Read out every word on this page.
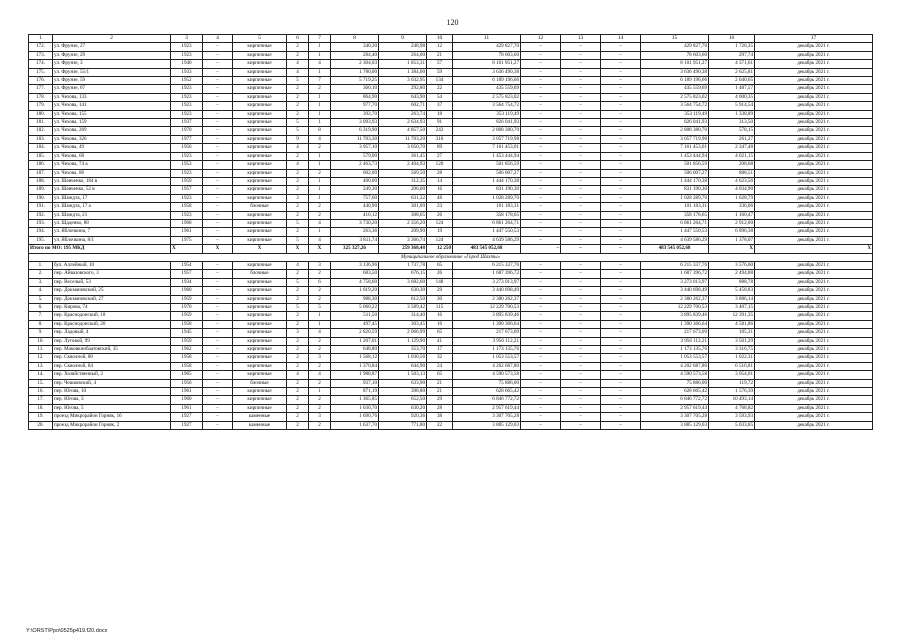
120
1	2	3	4	5	6	7	8	9	10	11	12	13	14	15	16	17
172.	ул. Фрунзе, 27	1923	–	кирпичные	2	1	340,30	248,98	12	429 827,70	–	–	–	429 827,70	1 726,35	декабрь 2021 г.
173.	ул. Фрунзе, 29	1923	–	кирпичные	2	1	284,40	264,00	21	78 603,60	–	–	–	78 603,60	297,74	декабрь 2021 г.
174.	ул. Фрунзе, 3	1940	–	кирпичные	4	4	2 304,03	1 853,31	57	8 101 951,27	–	–	–	8 101 951,27	4 371,61	декабрь 2021 г.
175.	ул. Фрунзе, 55/1	1933	–	кирпичные	4	1	1 780,00	1 384,00	59	3 636 490,38	–	–	–	3 636 490,38	2 625,81	декабрь 2021 г.
176.	ул. Фрунзе, 59	1952	–	кирпичные	5	7	5 719,25	3 032,95	134	6 189 196,66	–	–	–	6 189 196,66	2 040,65	декабрь 2021 г.
177.	ул. Фрунзе, 67	1923	–	кирпичные	2	2	360,10	292,80	22	435 559,69	–	–	–	435 559,69	1 487,57	декабрь 2021 г.
178.	ул. Чехова, 133	1923	–	кирпичные	2	1	864,90	643,90	54	2 575 823,02	–	–	–	2 575 823,02	4 000,35	декабрь 2021 г.
179.	ул. Чехова, 141	1923	–	кирпичные	2	1	977,70	602,71	37	3 564 754,72	–	–	–	3 564 754,72	5 914,54	декабрь 2021 г.
180.	ул. Чехова, 155	1923	–	кирпичные	2	1	392,70	263,74	18	353 119,49	–	–	–	353 119,49	1 338,89	декабрь 2021 г.
181.	ул. Чехова, 159	1937	–	кирпичные	5	1	3 093,93	2 634,93	91	826 041,93	–	–	–	826 041,93	313,50	декабрь 2021 г.
182.	ул. Чехова, 269	1970	–	кирпичные	5	8	6 319,90	4 857,50	243	2 808 380,70	–	–	–	2 808 380,70	578,15	декабрь 2021 г.
183.	ул. Чехова, 326	1977	–	кирпичные	9	4	11 703,30	11 703,20	316	3 057 719,98	–	–	–	3 057 719,98	261,27	декабрь 2021 г.
184.	ул. Чехова, 49	1956	–	кирпичные	4	2	3 957,10	3 050,70	89	7 161 453,01	–	–	–	7 161 453,01	2 347,48	декабрь 2021 г.
185.	ул. Чехова, 68	1923	–	кирпичные	2	1	579,00	361,45	27	1 453 444,94	–	–	–	1 453 444,94	4 021,15	декабрь 2021 г.
186.	ул. Чехова, 74 а	1953	–	кирпичные	4	1	2 463,73	2 404,93	120	501 856,59	–	–	–	501 856,59	208,68	декабрь 2021 г.
187.	ул. Чехова, 86	1923	–	кирпичные	2	2	602,00	569,50	28	506 007,27	–	–	–	506 007,27	888,51	декабрь 2021 г.
188.	ул. Шевченко, 184 в	1959	–	кирпичные	2	1	400,00	312,35	14	1 444 170,38	–	–	–	1 444 170,38	4 623,56	декабрь 2021 г.
189.	ул. Шевченко, 52 в	1957	–	кирпичные	2	1	249,30	206,00	16	831 190,30	–	–	–	831 190,30	4 034,90	декабрь 2021 г.
190.	ул. Шмидта, 17	1923	–	кирпичные	3	1	757,60	631,32	48	1 028 289,70	–	–	–	1 028 289,70	1 628,79	декабрь 2021 г.
191.	ул. Шмидта, 17 а	1958	–	блочные	2	2	440,90	301,09	23	101 183,31	–	–	–	101 183,31	336,06	декабрь 2021 г.
192.	ул. Шмидта, 21	1923	–	кирпичные	2	2	410,12	308,65	26	358 178,65	–	–	–	358 178,65	1 160,47	декабрь 2021 г.
193.	ул. Щаденко, 88	1968	–	кирпичные	5	4	3 730,20	2 356,20	124	6 861 264,71	–	–	–	6 861 264,71	2 912,00	декабрь 2021 г.
194.	ул. Яблочкина, 7	1961	–	кирпичные	2	1	263,36	209,90	19	1 447 550,53	–	–	–	1 447 550,53	6 896,38	декабрь 2021 г.
195.	ул. Яблочкина, 8/1	1975	–	кирпичные	5	4	3 811,74	3 366,74	124	4 639 586,29	–	–	–	4 639 586,29	1 378,07	декабрь 2021 г.
Итого по МО: 195 МКД		X	X	X	X	X	325 327,26	259 368,48	12 250	483 545 052,68	–	–	–	483 545 052,68	X	X
Муниципальное образование «Город Шахты»																
1.	бул. Аллейный, 10	1954	–	кирпичные	4	3	3 136,96	1 737,78	65	6 215 337,76	–	–	–	6 215 337,76	3 576,60	декабрь 2021 г.
2.	пер. Айвазовского, 3	1957	–	блочные	2	2	683,50	676,15	26	1 687 396,72	–	–	–	1 687 396,72	2 494,88	декабрь 2021 г.
3.	пер. Веселый, 53	1934	–	кирпичные	5	6	4 758,60	3 682,60	148	3 273 013,97	–	–	–	3 273 013,97	888,78	декабрь 2021 г.
4.	пер. Докмановский, 25	1960	–	кирпичные	2	2	1 019,20	630,30	29	3 440 698,49	–	–	–	3 440 698,49	5 458,83	декабрь 2021 г.
5.	пер. Докмановский, 27	1959	–	кирпичные	2	2	988,30	612,50	30	2 380 262,37	–	–	–	2 380 262,37	3 886,14	декабрь 2021 г.
6.	пер. Кирова, 74	1970	–	кирпичные	5	5	5 060,22	3 589,42	115	12 229 700,53	–	–	–	12 229 700,53	3 407,15	декабрь 2021 г.
7.	пер. Краснодонский, 18	1959	–	кирпичные	2	1	511,50	314,40	16	3 895 839,46	–	–	–	3 895 839,46	12 391,35	декабрь 2021 г.
8.	пер. Краснодонский, 20	1958	–	кирпичные	2	1	497,45	303,45	16	1 390 366,64	–	–	–	1 390 366,64	4 581,86	декабрь 2021 г.
9.	пер. Ладовый, 4	1945	–	кирпичные	3	4	2 820,59	2 066,99	65	217 673,09	–	–	–	217 673,09	105,31	декабрь 2021 г.
10.	пер. Луговой, 99	1959	–	кирпичные	2	2	1 207,01	1 129,90	41	3 956 112,21	–	–	–	3 956 112,21	3 501,29	декабрь 2021 г.
11.	пер. Маковкинбаатовский, 35	1962	–	кирпичные	2	2	648,80	353,70	17	1 173 135,76	–	–	–	1 173 135,76	3 316,75	декабрь 2021 г.
12.	пер. Скволной, 80	1958	–	кирпичные	2	3	1 568,12	1 030,56	32	1 053 553,57	–	–	–	1 053 553,57	1 022,31	декабрь 2021 г.
13.	пер. Скволной, 84	1958	–	кирпичные	2	2	1 370,84	644,90	24	4 202 687,80	–	–	–	4 202 687,80	6 516,81	декабрь 2021 г.
14.	пер. Хозяйственный, 2	1965	–	кирпичные	4	4	1 988,87	1 503,13	65	4 590 573,58	–	–	–	4 590 573,58	3 054,01	декабрь 2021 г.
15.	пер. Чешковский, 4	1956	–	блочные	2	2	937,10	633,90	21	75 886,00	–	–	–	75 886,00	119,72	декабрь 2021 г.
16.	пер. Югова, 10	1961	–	кирпичные	2	1	871,19	398,80	21	628 665,42	–	–	–	628 665,42	1 576,39	декабрь 2021 г.
17.	пер. Югова, 3	1960	–	кирпичные	2	2	1 365,85	652,50	29	6 846 772,72	–	–	–	6 846 772,72	10 493,14	декабрь 2021 г.
18.	пер. Югова, 5	1961	–	кирпичные	2	2	1 030,70	630,20	28	2 957 619,44	–	–	–	2 957 619,44	4 768,82	декабрь 2021 г.
19.	проезд Микрорайон Горняк, 16	1927	–	каменные	2	3	1 690,76	920,36	38	3 307 705,28	–	–	–	3 307 705,28	3 593,93	декабрь 2021 г.
20.	проезд Микрорайон Горняк, 2	1927	–	каменные	2	2	1 637,70	771,80	22	3 885 129,03	–	–	–	3 885 129,03	5 033,85	декабрь 2021 г.
Y:\ORST\Ppo\0525p419.f20.docx
